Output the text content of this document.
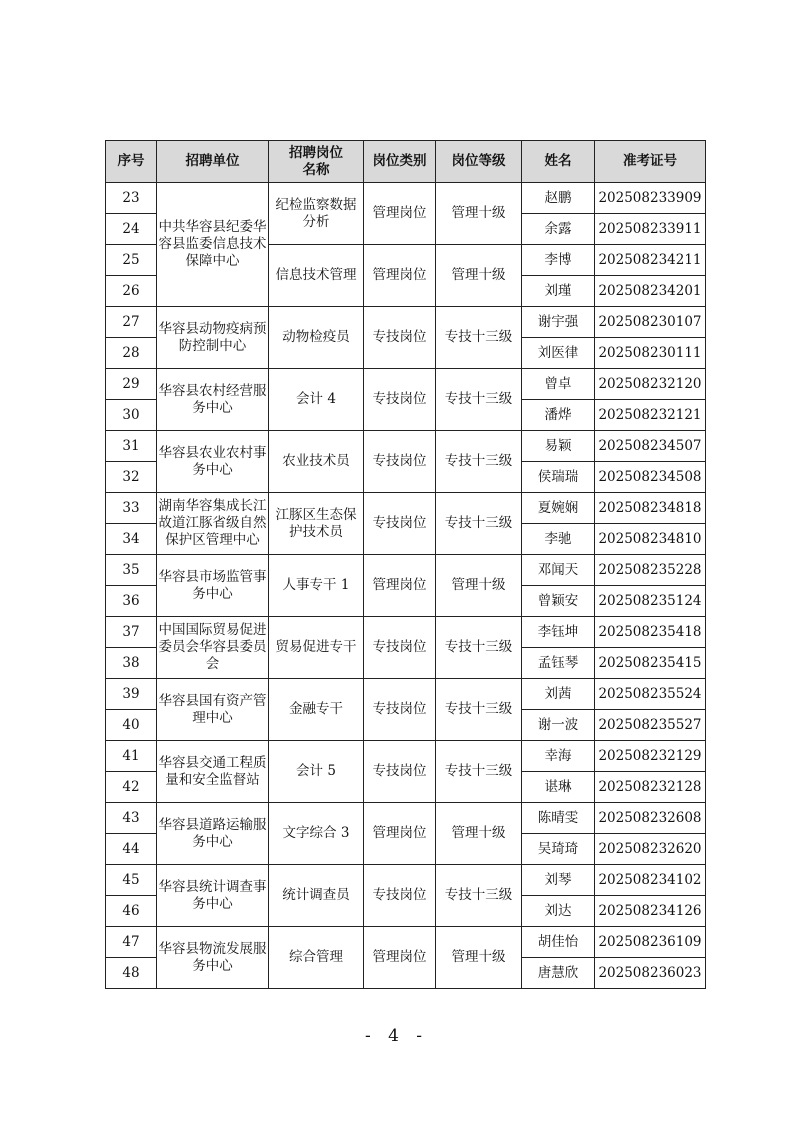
序号	招聘单位	招聘岗位名称	岗位类别	岗位等级	姓名	准考证号
23	中共华容县纪委华容县监委信息技术保障中心	纪检监察数据分析	管理岗位	管理十级	赵鹏	202508233909
24					余露	202508233911
25		信息技术管理	管理岗位	管理十级	李博	202508234211
26					刘瑾	202508234201
27	华容县动物疫病预防控制中心	动物检疫员	专技岗位	专技十三级	谢宇强	202508230107
28					刘医律	202508230111
29	华容县农村经营服务中心	会计 4	专技岗位	专技十三级	曾卓	202508232120
30					潘烨	202508232121
31	华容县农业农村事务中心	农业技术员	专技岗位	专技十三级	易颖	202508234507
32					侯瑞瑞	202508234508
33	湖南华容集成长江故道江豚省级自然保护区管理中心	江豚区生态保护技术员	专技岗位	专技十三级	夏婉娴	202508234818
34					李驰	202508234810
35	华容县市场监管事务中心	人事专干 1	管理岗位	管理十级	邓闻天	202508235228
36					曾颖安	202508235124
37	中国国际贸易促进委员会华容县委员会	贸易促进专干	专技岗位	专技十三级	李钰坤	202508235418
38					孟钰琴	202508235415
39	华容县国有资产管理中心	金融专干	专技岗位	专技十三级	刘茜	202508235524
40					谢一波	202508235527
41	华容县交通工程质量和安全监督站	会计 5	专技岗位	专技十三级	幸海	202508232129
42					谌琳	202508232128
43	华容县道路运输服务中心	文字综合 3	管理岗位	管理十级	陈晴雯	202508232608
44					吴琦琦	202508232620
45	华容县统计调查事务中心	统计调查员	专技岗位	专技十三级	刘琴	202508234102
46					刘达	202508234126
47	华容县物流发展服务中心	综合管理	管理岗位	管理十级	胡佳怡	202508236109
48					唐慧欣	202508236023
- 4 -
